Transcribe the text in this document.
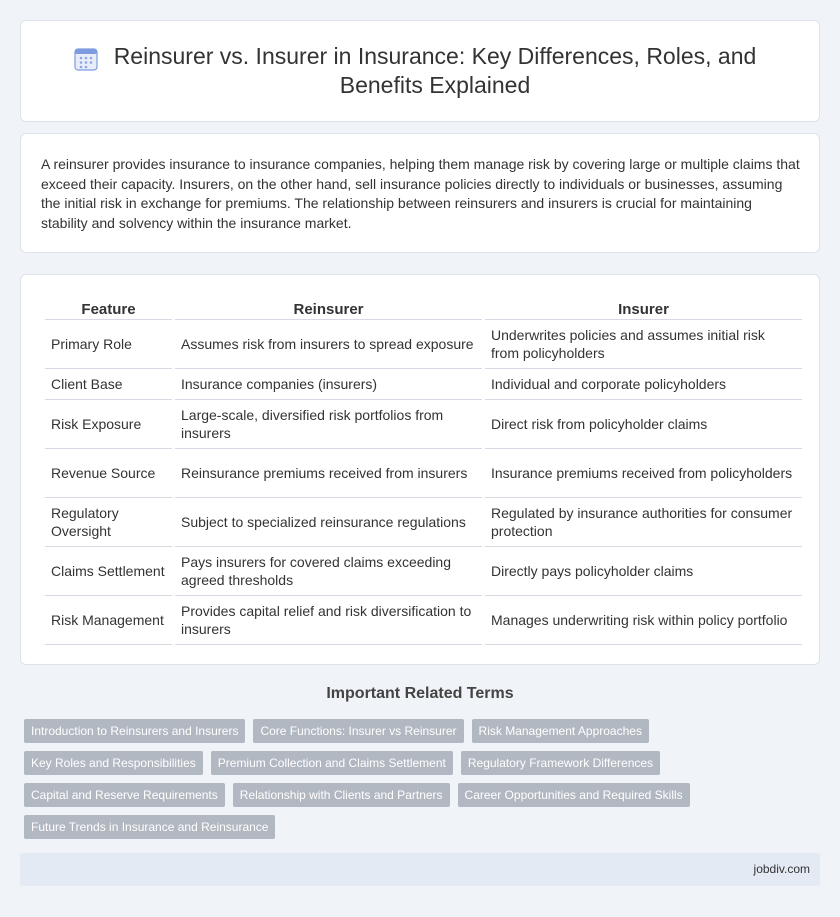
Reinsurer vs. Insurer in Insurance: Key Differences, Roles, and Benefits Explained

A reinsurer provides insurance to insurance companies, helping them manage risk by covering large or multiple claims that exceed their capacity. Insurers, on the other hand, sell insurance policies directly to individuals or businesses, assuming the initial risk in exchange for premiums. The relationship between reinsurers and insurers is crucial for maintaining stability and solvency within the insurance market.

Feature	Reinsurer	Insurer
Primary Role	Assumes risk from insurers to spread exposure	Underwrites policies and assumes initial risk from policyholders
Client Base	Insurance companies (insurers)	Individual and corporate policyholders
Risk Exposure	Large-scale, diversified risk portfolios from insurers	Direct risk from policyholder claims
Revenue Source	Reinsurance premiums received from insurers	Insurance premiums received from policyholders
Regulatory Oversight	Subject to specialized reinsurance regulations	Regulated by insurance authorities for consumer protection
Claims Settlement	Pays insurers for covered claims exceeding agreed thresholds	Directly pays policyholder claims
Risk Management	Provides capital relief and risk diversification to insurers	Manages underwriting risk within policy portfolio
Important Related Terms
Introduction to Reinsurers and Insurers	Core Functions: Insurer vs Reinsurer	Risk Management Approaches
Key Roles and Responsibilities	Premium Collection and Claims Settlement	Regulatory Framework Differences
Capital and Reserve Requirements	Relationship with Clients and Partners	Career Opportunities and Required Skills
Future Trends in Insurance and Reinsurance
jobdiv.com
